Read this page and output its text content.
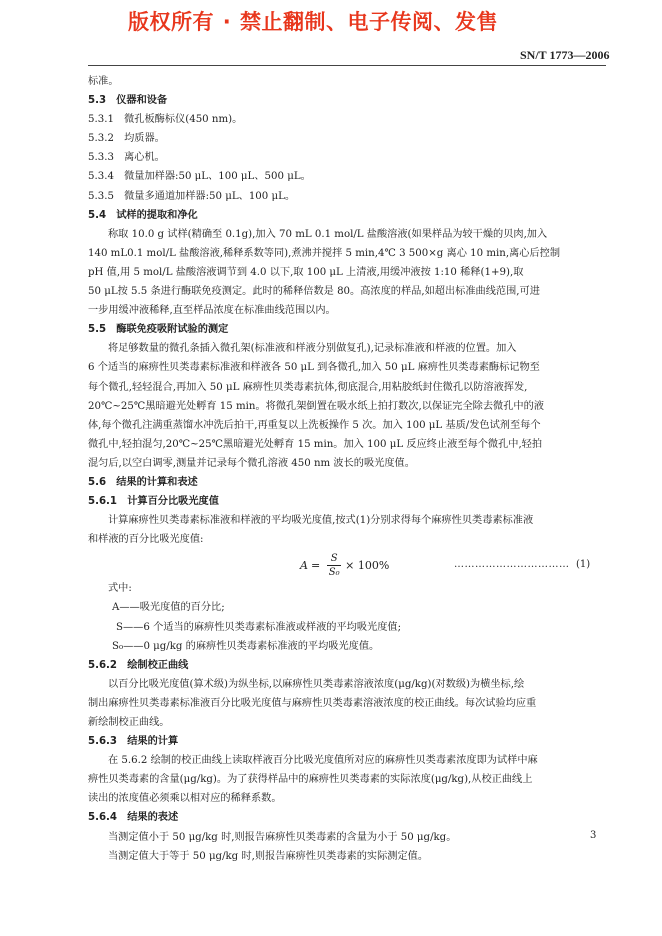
版权所有 · 禁止翻制、电子传阅、发售
SN/T 1773—2006
标准。
5.3　仪器和设备
5.3.1　微孔板酶标仪(450 nm)。
5.3.2　均质器。
5.3.3　离心机。
5.3.4　微量加样器:50 μL、100 μL、500 μL。
5.3.5　微量多通道加样器:50 μL、100 μL。
5.4　试样的提取和净化
称取 10.0 g 试样(精确至 0.1g),加入 70 mL 0.1 mol/L 盐酸溶液(如果样品为较干燥的贝肉,加入
140 mL0.1 mol/L 盐酸溶液,稀释系数等同),煮沸并搅拌 5 min,4℃ 3 500×g 离心 10 min,离心后控制
pH 值,用 5 mol/L 盐酸溶液调节到 4.0 以下,取 100 μL 上清液,用缓冲液按 1:10 稀释(1+9),取
50 μL按 5.5 条进行酶联免疫测定。此时的稀释倍数是 80。高浓度的样品,如超出标准曲线范围,可进
一步用缓冲液稀释,直至样品浓度在标准曲线范围以内。
5.5　酶联免疫吸附试验的测定
将足够数量的微孔条插入微孔架(标准液和样液分别做复孔),记录标准液和样液的位置。加入
6 个适当的麻痹性贝类毒素标准液和样液各 50 μL 到各微孔,加入 50 μL 麻痹性贝类毒素酶标记物至
每个微孔,轻轻混合,再加入 50 μL 麻痹性贝类毒素抗体,彻底混合,用粘胶纸封住微孔以防溶液挥发,
20℃~25℃黑暗避光处孵育 15 min。将微孔架倒置在吸水纸上拍打数次,以保证完全除去微孔中的液
体,每个微孔注满重蒸馏水冲洗后拍干,再重复以上洗板操作 5 次。加入 100 μL 基质/发色试剂至每个
微孔中,轻拍混匀,20℃~25℃黑暗避光处孵育 15 min。加入 100 μL 反应终止液至每个微孔中,轻拍
混匀后,以空白调零,测量并记录每个微孔溶液 450 nm 波长的吸光度值。
5.6　结果的计算和表述
5.6.1　计算百分比吸光度值
计算麻痹性贝类毒素标准液和样液的平均吸光度值,按式(1)分别求得每个麻痹性贝类毒素标准液
和样液的百分比吸光度值:
$A = \frac{S}{\text{S₀}} \times 100\%$	…………………………… (1)
式中:
A——吸光度值的百分比;
S——6 个适当的麻痹性贝类毒素标准液或样液的平均吸光度值;
S₀——0 μg/kg 的麻痹性贝类毒素标准液的平均吸光度值。
5.6.2　绘制校正曲线
以百分比吸光度值(算术级)为纵坐标,以麻痹性贝类毒素溶液浓度(μg/kg)(对数级)为横坐标,绘
制出麻痹性贝类毒素标准液百分比吸光度值与麻痹性贝类毒素溶液浓度的校正曲线。每次试验均应重
新绘制校正曲线。
5.6.3　结果的计算
在 5.6.2 绘制的校正曲线上读取样液百分比吸光度值所对应的麻痹性贝类毒素浓度即为试样中麻
痹性贝类毒素的含量(μg/kg)。为了获得样品中的麻痹性贝类毒素的实际浓度(μg/kg),从校正曲线上
读出的浓度值必须乘以相对应的稀释系数。
5.6.4　结果的表述
当测定值小于 50 μg/kg 时,则报告麻痹性贝类毒素的含量为小于 50 μg/kg。
当测定值大于等于 50 μg/kg 时,则报告麻痹性贝类毒素的实际测定值。
3
